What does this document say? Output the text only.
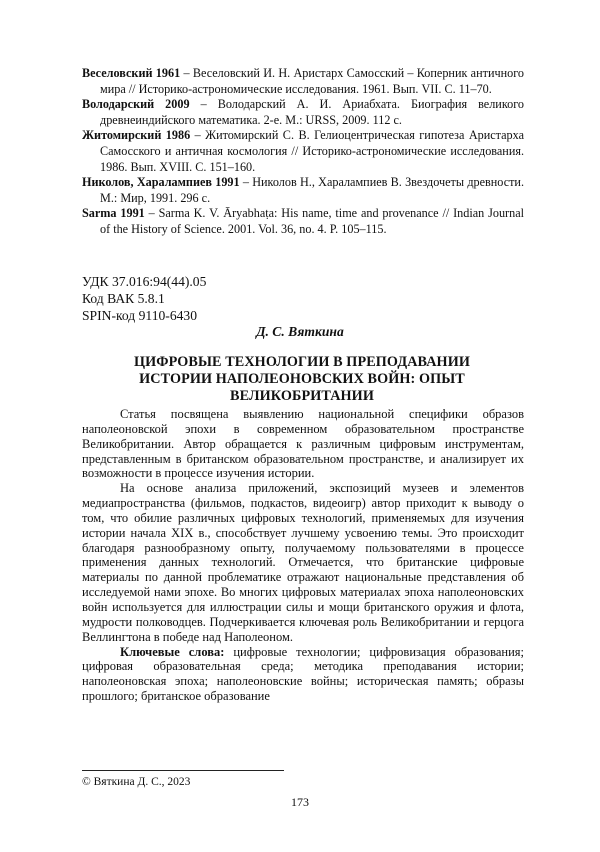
Веселовский 1961 – Веселовский И. Н. Аристарх Самосский – Коперник античного мира // Историко-астрономические исследования. 1961. Вып. VII. С. 11–70.

Володарский 2009 – Володарский А. И. Ариабхата. Биография великого древнеиндийского математика. 2-е. М.: URSS, 2009. 112 с.

Житомирский 1986 – Житомирский С. В. Гелиоцентрическая гипотеза Аристарха Самосского и античная космология // Историко-астрономические исследования. 1986. Вып. XVIII. С. 151–160.

Николов, Харалампиев 1991 – Николов Н., Харалампиев В. Звездочеты древности. М.: Мир, 1991. 296 с.

Sarma 1991 – Sarma K. V. Āryabhaṭa: His name, time and provenance // Indian Journal of the History of Science. 2001. Vol. 36, no. 4. P. 105–115.

УДК 37.016:94(44).05
Код ВАК 5.8.1
SPIN-код 9110-6430
Д. С. Вяткина
ЦИФРОВЫЕ ТЕХНОЛОГИИ В ПРЕПОДАВАНИИ ИСТОРИИ НАПОЛЕОНОВСКИХ ВОЙН: ОПЫТ ВЕЛИКОБРИТАНИИ

Статья посвящена выявлению национальной специфики образов наполеоновской эпохи в современном образовательном пространстве Великобритании. Автор обращается к различным цифровым инструментам, представленным в британском образовательном пространстве, и анализирует их возможности в процессе изучения истории.

На основе анализа приложений, экспозиций музеев и элементов медиапространства (фильмов, подкастов, видеоигр) автор приходит к выводу о том, что обилие различных цифровых технологий, применяемых для изучения истории начала XIX в., способствует лучшему усвоению темы. Это происходит благодаря разнообразному опыту, получаемому пользователями в процессе применения данных технологий. Отмечается, что британские цифровые материалы по данной проблематике отражают национальные представления об исследуемой нами эпохе. Во многих цифровых материалах эпоха наполеоновских войн используется для иллюстрации силы и мощи британского оружия и флота, мудрости полководцев. Подчеркивается ключевая роль Великобритании и герцога Веллингтона в победе над Наполеоном.

Ключевые слова: цифровые технологии; цифровизация образования; цифровая образовательная среда; методика преподавания истории; наполеоновская эпоха; наполеоновские войны; историческая память; образы прошлого; британское образование

© Вяткина Д. С., 2023
173
